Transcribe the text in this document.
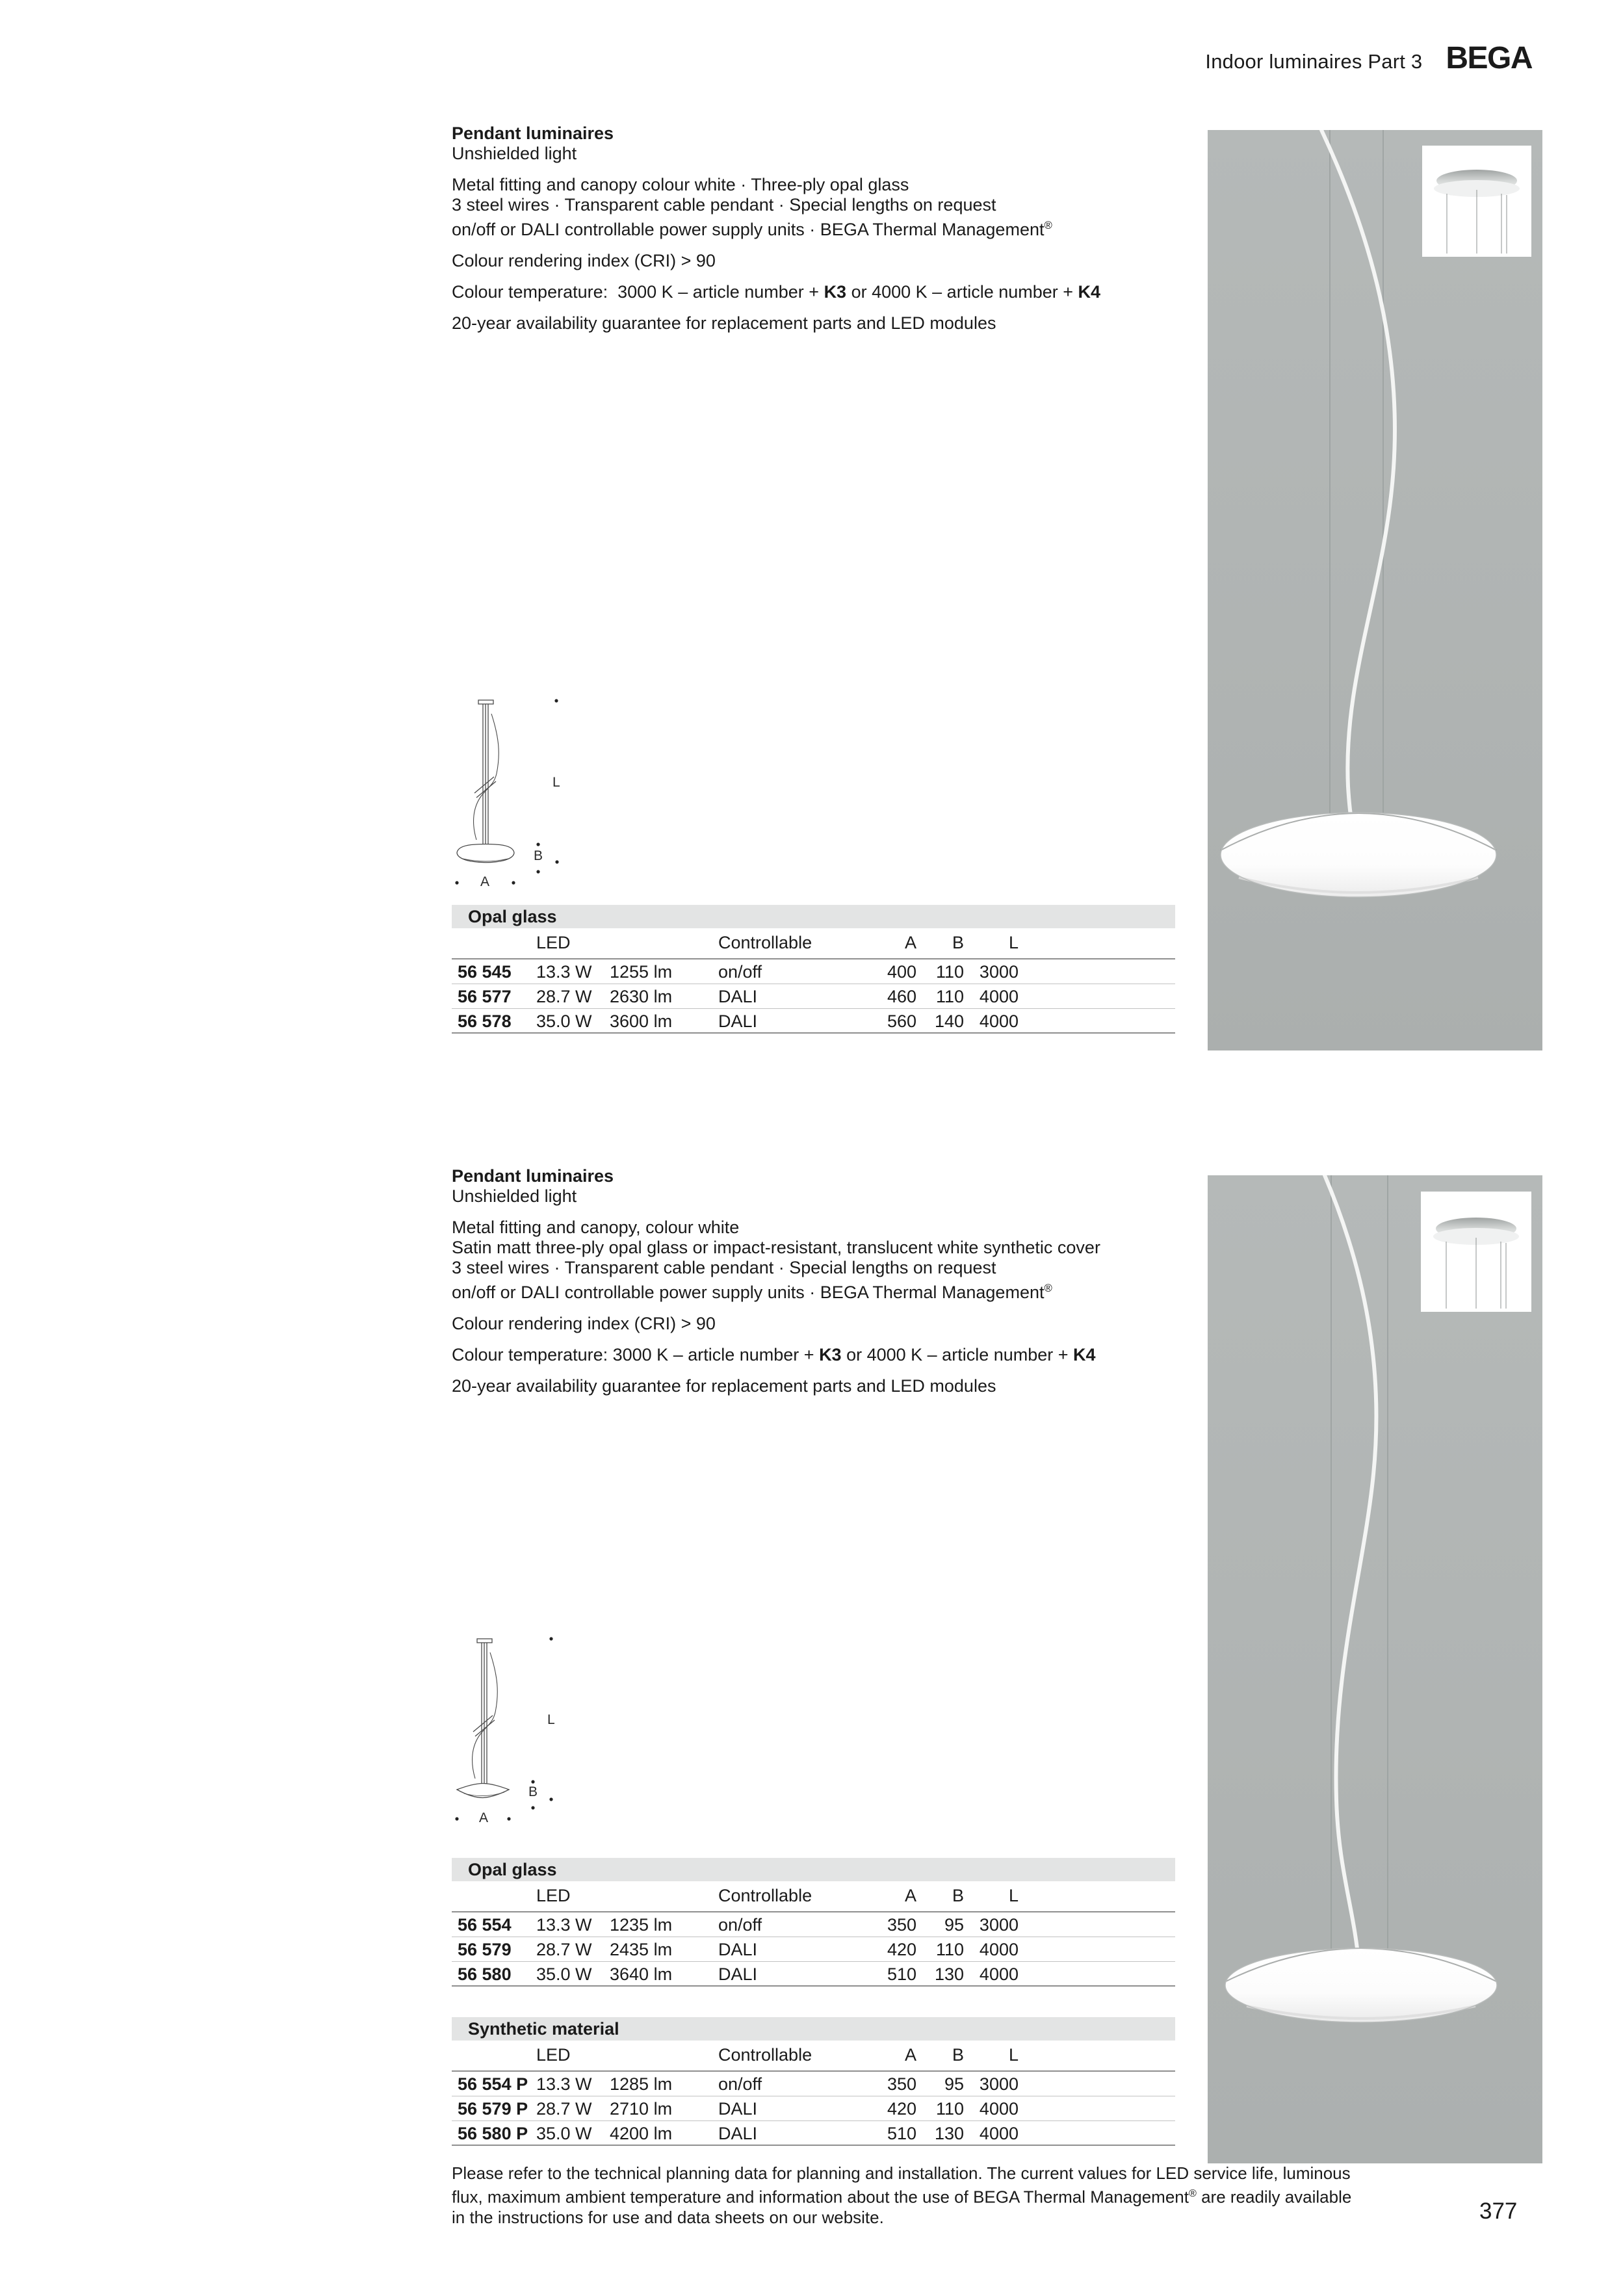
Indoor luminaires Part 3 BEGA
Pendant luminaires
Unshielded light
Metal fitting and canopy colour white · Three-ply opal glass
3 steel wires · Transparent cable pendant · Special lengths on request
on/off or DALI controllable power supply units · BEGA Thermal Management®
Colour rendering index (CRI) > 90
Colour temperature:  3000 K – article number + K3 or 4000 K – article number + K4
20-year availability guarantee for replacement parts and LED modules
L
B
A
Opal glass
LED	Controllable	A	B	L
56 545 13.3 W 1255 lm	on/off	400	110 3000
56 577 28.7 W 2630 lm	DALI	460	110 4000
56 578 35.0 W 3600 lm	DALI	560	140 4000
Pendant luminaires
Unshielded light
Metal fitting and canopy, colour white
Satin matt three-ply opal glass or impact-resistant, translucent white synthetic cover
3 steel wires · Transparent cable pendant · Special lengths on request
on/off or DALI controllable power supply units · BEGA Thermal Management®
Colour rendering index (CRI) > 90
Colour temperature: 3000 K – article number + K3 or 4000 K – article number + K4
20-year availability guarantee for replacement parts and LED modules
L
B
A
Opal glass
LED	Controllable	A	B	L
56 554 13.3 W 1235 lm	on/off	350	95 3000
56 579 28.7 W 2435 lm	DALI	420	110 4000
56 580 35.0 W 3640 lm	DALI	510	130 4000
Synthetic material
LED	Controllable	A	B	L
56 554 P 13.3 W 1285 lm	on/off	350	95 3000
56 579 P 28.7 W 2710 lm	DALI	420	110 4000
56 580 P 35.0 W 4200 lm	DALI	510	130 4000
Please refer to the technical planning data for planning and installation. The current values for LED service life, luminous
flux, maximum ambient temperature and information about the use of BEGA Thermal Management® are readily available
in the instructions for use and data sheets on our website.	377
